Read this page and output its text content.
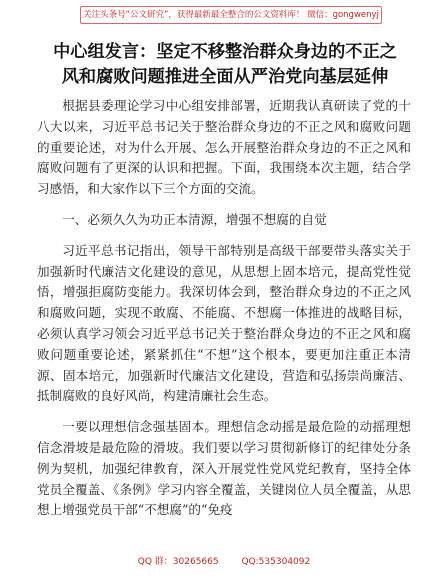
关注头条号“公文研究”，获得最新最全整合的公文资料库！ 微信：gongwenyj
中心组发言：坚定不移整治群众身边的不正之
风和腐败问题推进全面从严治党向基层延伸

根据县委理论学习中心组安排部署，近期我认真研读了党的十八大以来，习近平总书记关于整治群众身边的不正之风和腐败问题的重要论述，对为什么开展、怎么开展整治群众身边的不正之风和腐败问题有了更深的认识和把握。下面，我围绕本次主题，结合学习感悟，和大家作以下三个方面的交流。

一、必须久久为功正本清源，增强不想腐的自觉

习近平总书记指出，领导干部特别是高级干部要带头落实关于加强新时代廉洁文化建设的意见，从思想上固本培元，提高党性觉悟，增强拒腐防变能力。我深切体会到，整治群众身边的不正之风和腐败问题，实现不敢腐、不能腐、不想腐一体推进的战略目标，必须认真学习领会习近平总书记关于整治群众身边的不正之风和腐败问题重要论述，紧紧抓住“不想”这个根本，要更加注重正本清源、固本培元，加强新时代廉洁文化建设，营造和弘扬崇尚廉洁、抵制腐败的良好风尚，构建清廉社会生态。

一要以理想信念强基固本。理想信念动摇是最危险的动摇理想信念滑坡是最危险的滑坡。我们要以学习贯彻新修订的纪律处分条例为契机，加强纪律教育，深入开展党性党风党纪教育，坚持全体党员全覆盖、《条例》学习内容全覆盖，关键岗位人员全覆盖，从思想上增强党员干部“不想腐”的“免疫

QQ 群：30265665	QQ:535304092
